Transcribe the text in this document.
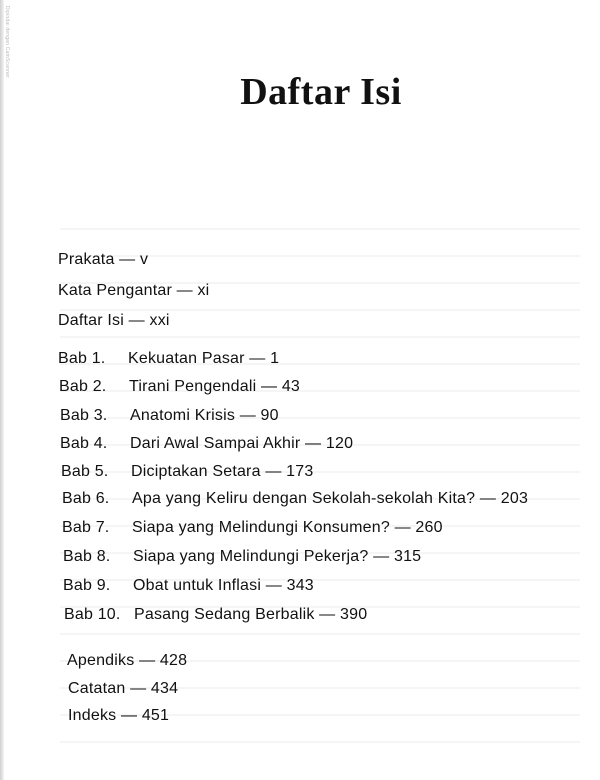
Dipindai dengan CamScanner
Daftar Isi
Prakata — v
Kata Pengantar — xi
Daftar Isi — xxi
Bab 1. Kekuatan Pasar — 1
Bab 2. Tirani Pengendali — 43
Bab 3. Anatomi Krisis — 90
Bab 4. Dari Awal Sampai Akhir — 120
Bab 5. Diciptakan Setara — 173
Bab 6. Apa yang Keliru dengan Sekolah-sekolah Kita? — 203
Bab 7. Siapa yang Melindungi Konsumen? — 260
Bab 8. Siapa yang Melindungi Pekerja? — 315
Bab 9. Obat untuk Inflasi — 343
Bab 10. Pasang Sedang Berbalik — 390
Apendiks — 428
Catatan — 434
Indeks — 451
